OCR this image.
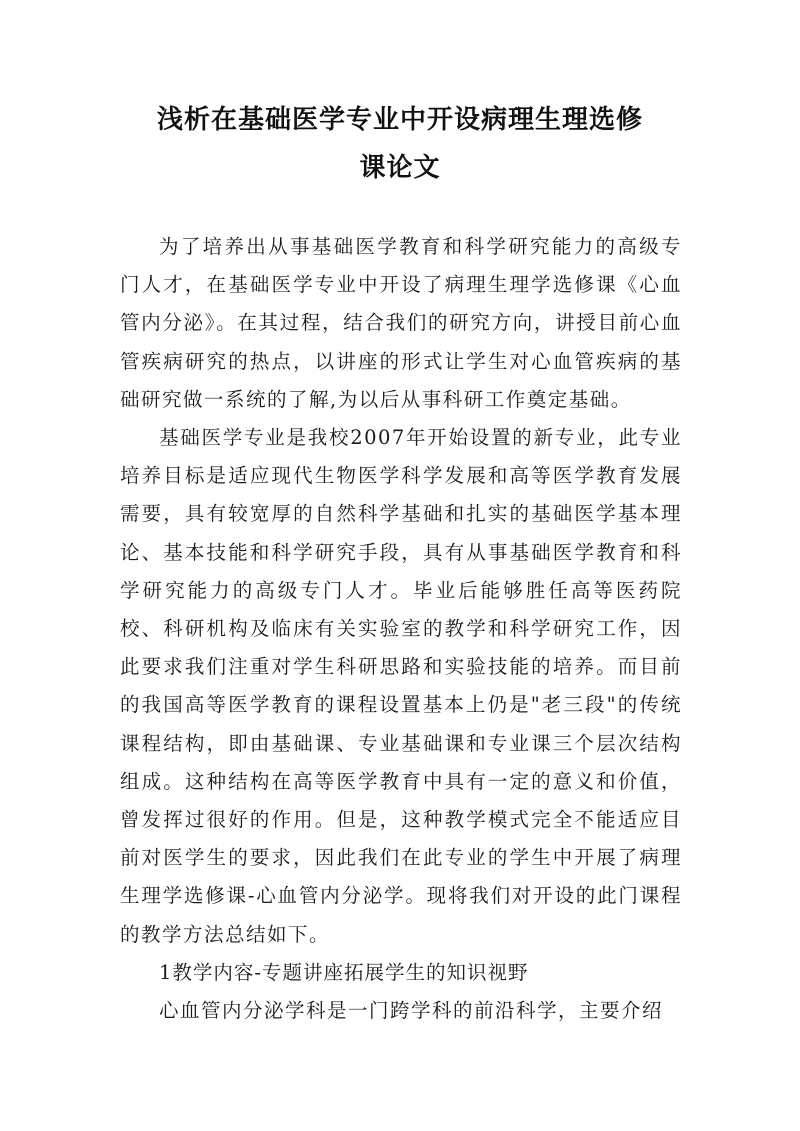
浅析在基础医学专业中开设病理生理选修
课论文

为了培养出从事基础医学教育和科学研究能力的高级专门人才，在基础医学专业中开设了病理生理学选修课《心血管内分泌》。在其过程，结合我们的研究方向，讲授目前心血管疾病研究的热点，以讲座的形式让学生对心血管疾病的基础研究做一系统的了解,为以后从事科研工作奠定基础。

基础医学专业是我校2007年开始设置的新专业，此专业培养目标是适应现代生物医学科学发展和高等医学教育发展需要，具有较宽厚的自然科学基础和扎实的基础医学基本理论、基本技能和科学研究手段，具有从事基础医学教育和科学研究能力的高级专门人才。毕业后能够胜任高等医药院校、科研机构及临床有关实验室的教学和科学研究工作，因此要求我们注重对学生科研思路和实验技能的培养。而目前的我国高等医学教育的课程设置基本上仍是"老三段"的传统课程结构，即由基础课、专业基础课和专业课三个层次结构组成。这种结构在高等医学教育中具有一定的意义和价值，曾发挥过很好的作用。但是，这种教学模式完全不能适应目前对医学生的要求，因此我们在此专业的学生中开展了病理生理学选修课-心血管内分泌学。现将我们对开设的此门课程的教学方法总结如下。

1教学内容-专题讲座拓展学生的知识视野

心血管内分泌学科是一门跨学科的前沿科学，主要介绍
